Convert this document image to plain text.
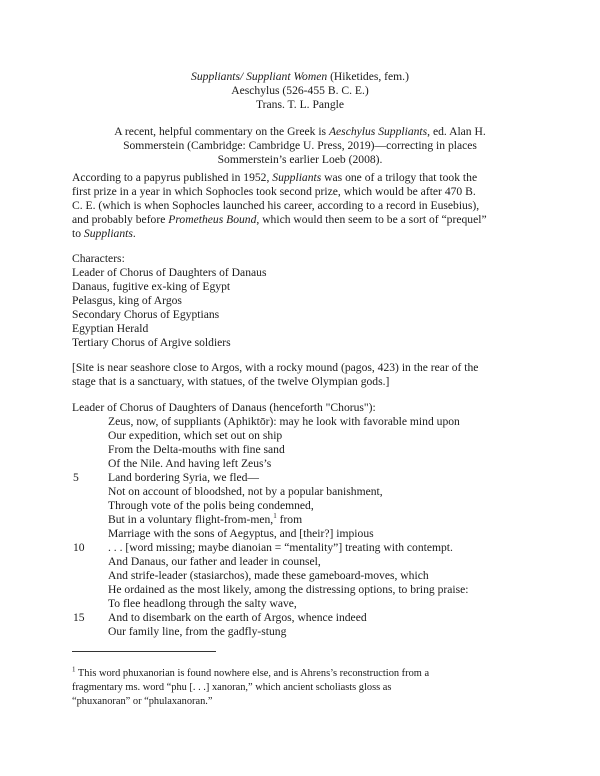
Suppliants/ Suppliant Women (Hiketides, fem.)
Aeschylus (526-455 B. C. E.)
Trans. T. L. Pangle
A recent, helpful commentary on the Greek is Aeschylus Suppliants, ed. Alan H.
Sommerstein (Cambridge: Cambridge U. Press, 2019)—correcting in places
Sommerstein’s earlier Loeb (2008).
According to a papyrus published in 1952, Suppliants was one of a trilogy that took the
first prize in a year in which Sophocles took second prize, which would be after 470 B.
C. E. (which is when Sophocles launched his career, according to a record in Eusebius),
and probably before Prometheus Bound, which would then seem to be a sort of “prequel”
to Suppliants.
Characters:
Leader of Chorus of Daughters of Danaus
Danaus, fugitive ex-king of Egypt
Pelasgus, king of Argos
Secondary Chorus of Egyptians
Egyptian Herald
Tertiary Chorus of Argive soldiers
[Site is near seashore close to Argos, with a rocky mound (pagos, 423) in the rear of the
stage that is a sanctuary, with statues, of the twelve Olympian gods.]
Leader of Chorus of Daughters of Danaus (henceforth "Chorus"):
Zeus, now, of suppliants (Aphiktōr): may he look with favorable mind upon
Our expedition, which set out on ship
From the Delta-mouths with fine sand
Of the Nile. And having left Zeus’s
5	Land bordering Syria, we fled—
Not on account of bloodshed, not by a popular banishment,
Through vote of the polis being condemned,
But in a voluntary flight-from-men,$^1$ from
Marriage with the sons of Aegyptus, and [their?] impious
10 . . . [word missing; maybe dianoian = “mentality”] treating with contempt.
And Danaus, our father and leader in counsel,
And strife-leader (stasiarchos), made these gameboard-moves, which
He ordained as the most likely, among the distressing options, to bring praise:
To flee headlong through the salty wave,
15 And to disembark on the earth of Argos, whence indeed
Our family line, from the gadfly-stung
$^1$ This word phuxanorian is found nowhere else, and is Ahrens’s reconstruction from a
fragmentary ms. word “phu [. . .] xanoran,” which ancient scholiasts gloss as
“phuxanoran” or “phulaxanoran.”
